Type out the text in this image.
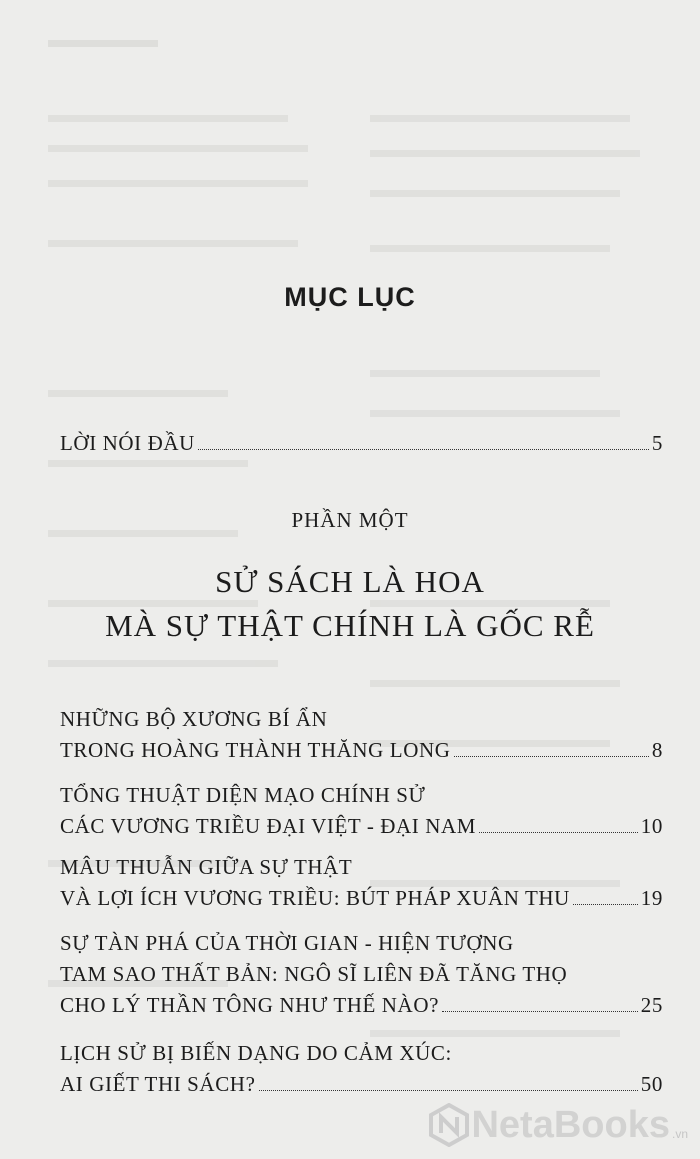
MỤC LỤC
LỜI NÓI ĐẦU	5
PHẦN MỘT
SỬ SÁCH LÀ HOA
MÀ SỰ THẬT CHÍNH LÀ GỐC RỄ
NHỮNG BỘ XƯƠNG BÍ ẨN
TRONG HOÀNG THÀNH THĂNG LONG	8
TỔNG THUẬT DIỆN MẠO CHÍNH SỬ
CÁC VƯƠNG TRIỀU ĐẠI VIỆT - ĐẠI NAM	10
MÂU THUẪN GIỮA SỰ THẬT
VÀ LỢI ÍCH VƯƠNG TRIỀU: BÚT PHÁP XUÂN THU	19
SỰ TÀN PHÁ CỦA THỜI GIAN - HIỆN TƯỢNG
TAM SAO THẤT BẢN: NGÔ SĨ LIÊN ĐÃ TĂNG THỌ
CHO LÝ THẦN TÔNG NHƯ THẾ NÀO?	25
LỊCH SỬ BỊ BIẾN DẠNG DO CẢM XÚC:
AI GIẾT THI SÁCH?	50
NetaBooks .vn
